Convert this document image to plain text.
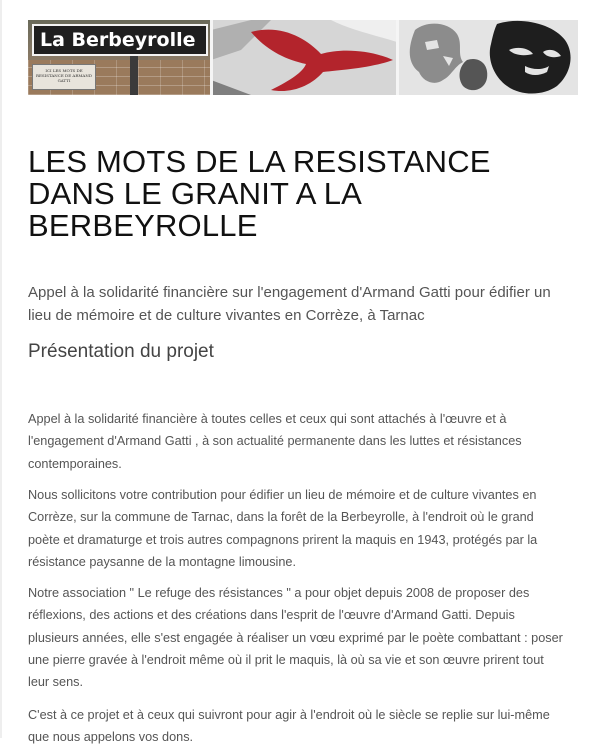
La Berbeyrolle
ICI LES MOTS DE RESISTANCE DE ARMAND GATTI
LES MOTS DE LA RESISTANCE
DANS LE GRANIT A LA
BERBEYROLLE

Appel à la solidarité financière sur l'engagement d'Armand Gatti pour édifier un
lieu de mémoire et de culture vivantes en Corrèze, à Tarnac

Présentation du projet

Appel à la solidarité financière à toutes celles et ceux qui sont attachés à l'œuvre et à
l'engagement d'Armand Gatti , à son actualité permanente dans les luttes et résistances
contemporaines.

Nous sollicitons votre contribution pour édifier un lieu de mémoire et de culture vivantes en
Corrèze, sur la commune de Tarnac, dans la forêt de la Berbeyrolle, à l'endroit où le grand
poète et dramaturge et trois autres compagnons prirent la maquis en 1943, protégés par la
résistance paysanne de la montagne limousine.

Notre association " Le refuge des résistances " a pour objet depuis 2008 de proposer des
réflexions, des actions et des créations dans l'esprit de l'œuvre d'Armand Gatti. Depuis
plusieurs années, elle s'est engagée à réaliser un vœu exprimé par le poète combattant : poser
une pierre gravée à l'endroit même où il prit le maquis, là où sa vie et son œuvre prirent tout
leur sens.

C'est à ce projet et à ceux qui suivront pour agir à l'endroit où le siècle se replie sur lui-même
que nous appelons vos dons.
